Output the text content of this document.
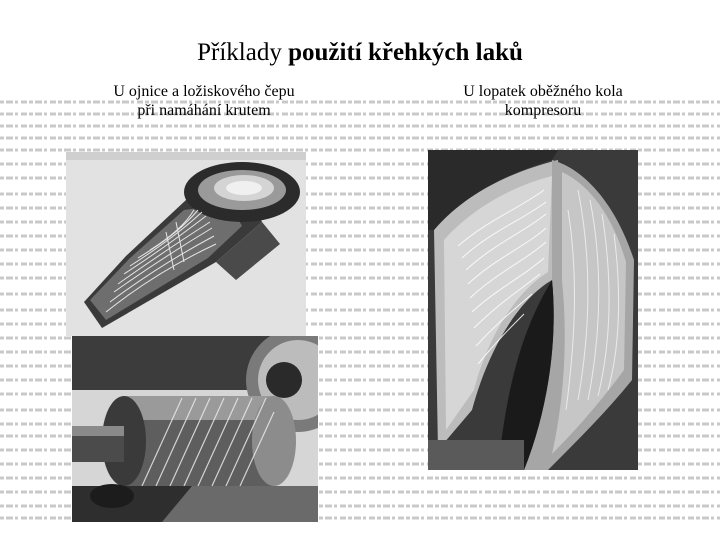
Příklady použití křehkých laků
U ojnice a ložiskového čepu
při namáhání krutem
U lopatek oběžného kola
kompresoru
